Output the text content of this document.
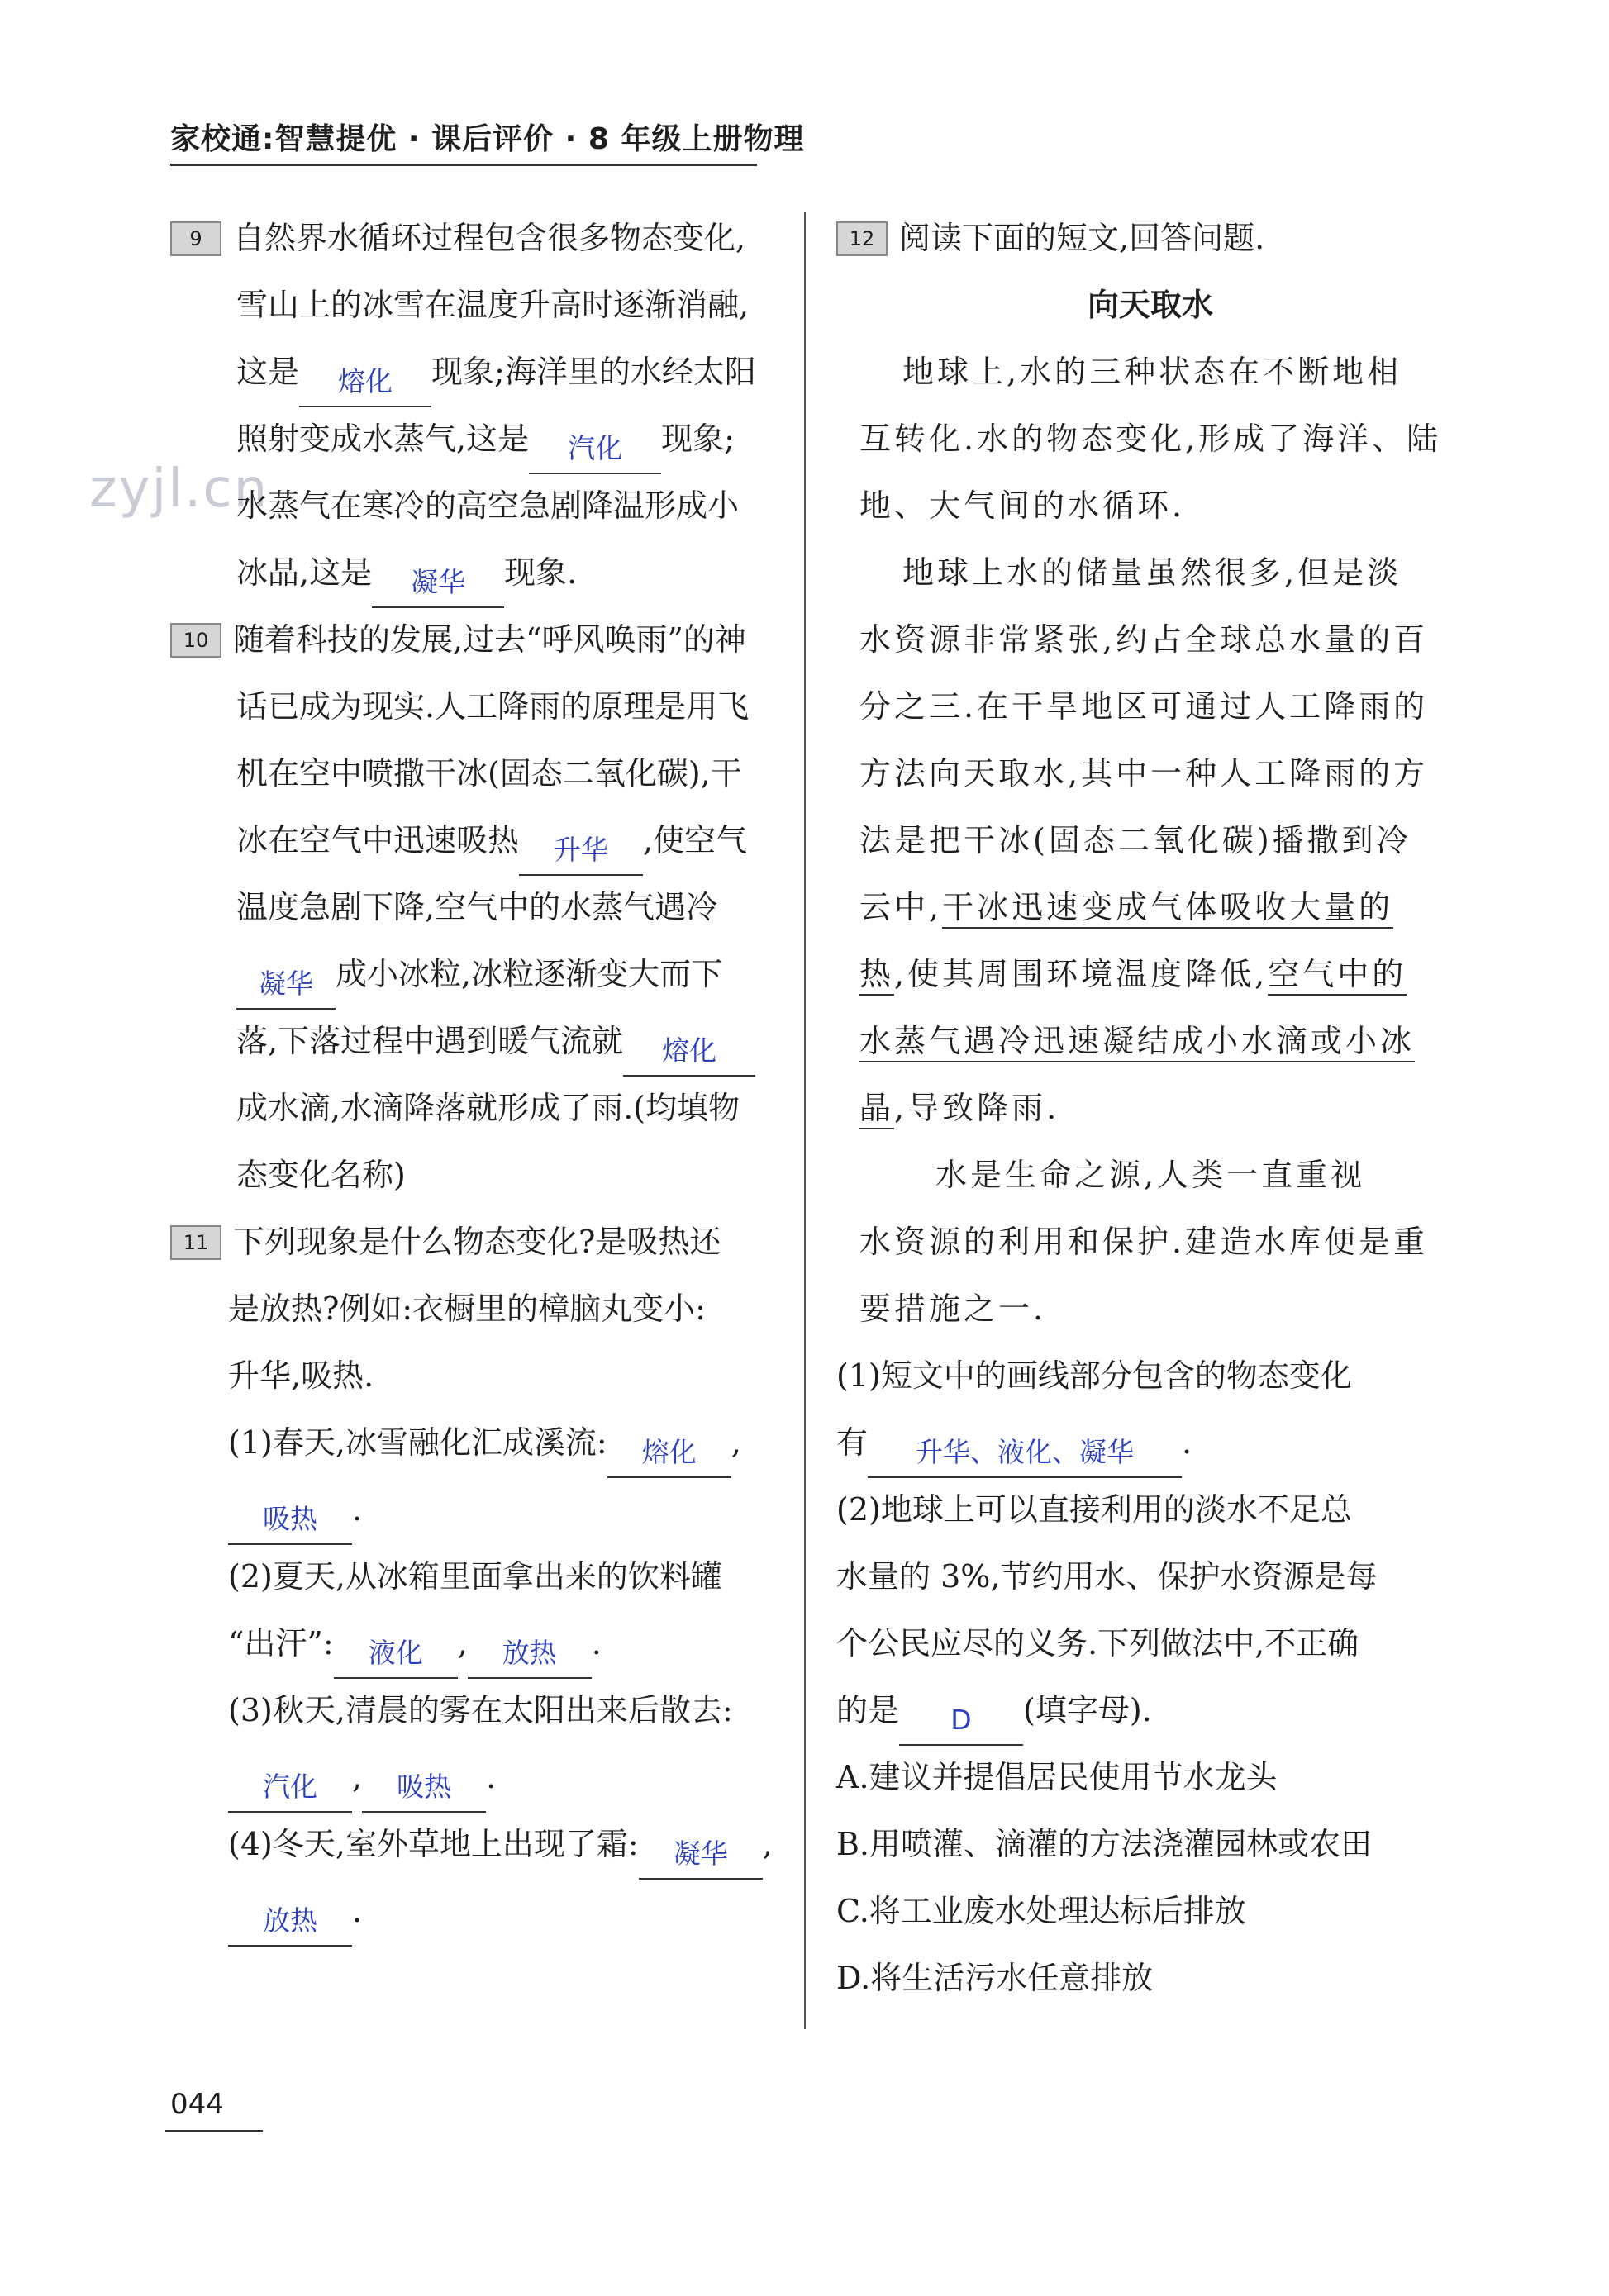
家校通:智慧提优 · 课后评价 · 8 年级上册物理
zyjl.cn
9 自然界水循环过程包含很多物态变化,
雪山上的冰雪在温度升高时逐渐消融,
这是 熔化 现象;海洋里的水经太阳
照射变成水蒸气,这是 汽化 现象;
水蒸气在寒冷的高空急剧降温形成小
冰晶,这是 凝华 现象.
10 随着科技的发展,过去“呼风唤雨”的神
话已成为现实.人工降雨的原理是用飞
机在空中喷撒干冰(固态二氧化碳),干
冰在空气中迅速吸热 升华 ,使空气
温度急剧下降,空气中的水蒸气遇冷
凝华 成小冰粒,冰粒逐渐变大而下
落,下落过程中遇到暖气流就 熔化
成水滴,水滴降落就形成了雨.(均填物
态变化名称)
11 下列现象是什么物态变化?是吸热还
是放热?例如:衣橱里的樟脑丸变小:
升华,吸热.
(1)春天,冰雪融化汇成溪流: 熔化 ,
吸热 .
(2)夏天,从冰箱里面拿出来的饮料罐
“出汗”: 液化 , 放热 .
(3)秋天,清晨的雾在太阳出来后散去:
汽化 , 吸热 .
(4)冬天,室外草地上出现了霜: 凝华 ,
放热 .
12 阅读下面的短文,回答问题.
向天取水
地球上,水的三种状态在不断地相
互转化.水的物态变化,形成了海洋、陆
地、大气间的水循环.
地球上水的储量虽然很多,但是淡
水资源非常紧张,约占全球总水量的百
分之三.在干旱地区可通过人工降雨的
方法向天取水,其中一种人工降雨的方
法是把干冰(固态二氧化碳)播撒到冷
云中,干冰迅速变成气体吸收大量的
热,使其周围环境温度降低,空气中的
水蒸气遇冷迅速凝结成小水滴或小冰
晶,导致降雨.
水是生命之源,人类一直重视
水资源的利用和保护.建造水库便是重
要措施之一.
(1)短文中的画线部分包含的物态变化
有 升华、液化、凝华 .
(2)地球上可以直接利用的淡水不足总
水量的 3%,节约用水、保护水资源是每
个公民应尽的义务.下列做法中,不正确
的是 D (填字母).
A.建议并提倡居民使用节水龙头
B.用喷灌、滴灌的方法浇灌园林或农田
C.将工业废水处理达标后排放
D.将生活污水任意排放
044
